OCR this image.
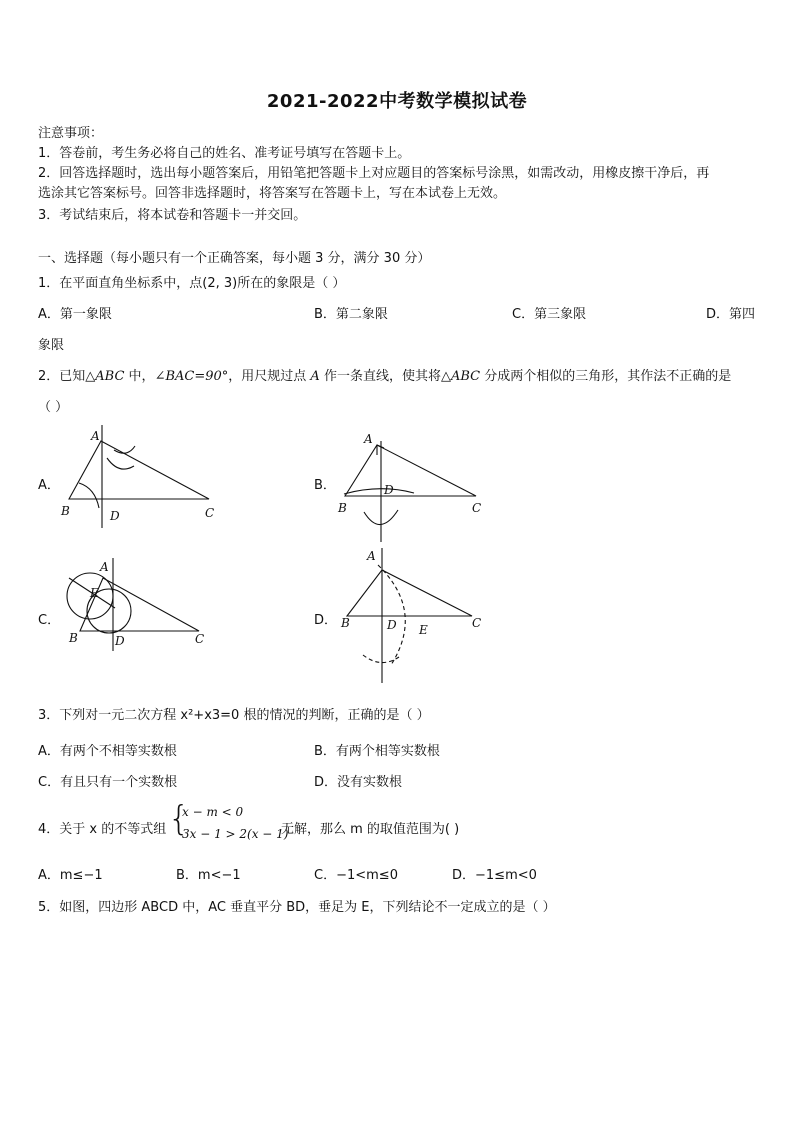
2021-2022中考数学模拟试卷
注意事项：
1．答卷前，考生务必将自己的姓名、准考证号填写在答题卡上。
2．回答选择题时，选出每小题答案后，用铅笔把答题卡上对应题目的答案标号涂黑，如需改动，用橡皮擦干净后，再
选涂其它答案标号。回答非选择题时，将答案写在答题卡上，写在本试卷上无效。
3．考试结束后，将本试卷和答题卡一并交回。
一、选择题（每小题只有一个正确答案，每小题 3 分，满分 30 分）
1．在平面直角坐标系中，点(2, 3)所在的象限是（ ）
A．第一象限	B．第二象限	C．第三象限	D．第四
象限
2．已知△ABC 中，∠BAC=90°，用尺规过点 A 作一条直线，使其将△ABC 分成两个相似的三角形，其作法不正确的是
（ ）
A．	B．
C．	D．
A
B	D	C
A
B
D
C
A
E
B	D	C
A
B	D E	C
3．下列对一元二次方程 x²+x3=0 根的情况的判断，正确的是（ ）
A．有两个不相等实数根	B．有两个相等实数根
C．有且只有一个实数根	D．没有实数根
4．关于 x 的不等式组 {
x − m < 0
3x − 1 > 2(x − 1)
无解，那么 m 的取值范围为( )
A．m≤−1	B．m<−1	C．−1<m≤0	D．−1≤m<0
5．如图，四边形 ABCD 中，AC 垂直平分 BD，垂足为 E，下列结论不一定成立的是（ ）
